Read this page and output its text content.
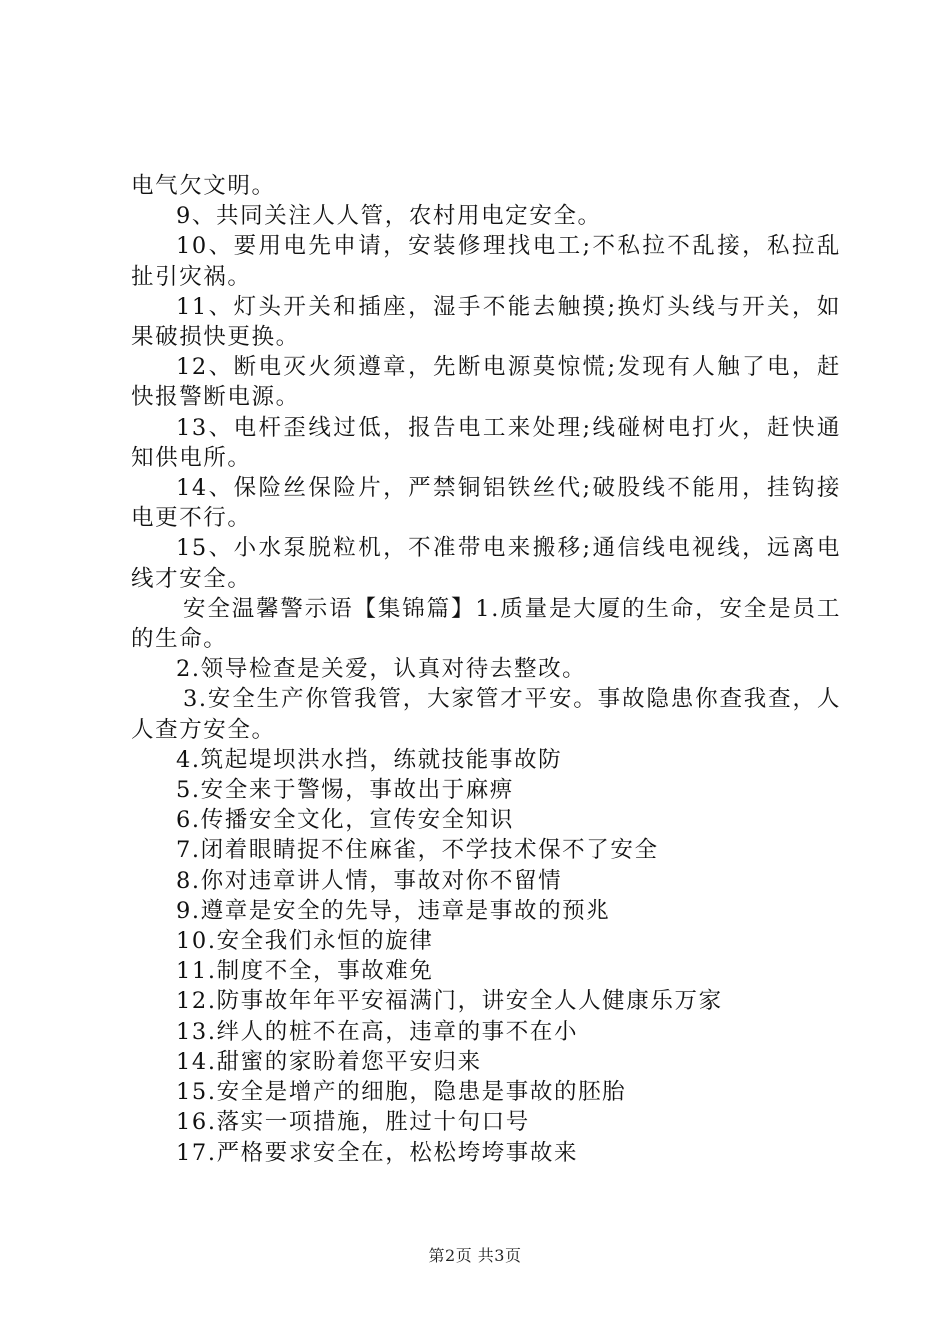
电气欠文明。

9、共同关注人人管，农村用电定安全。

10、要用电先申请，安装修理找电工;不私拉不乱接，私拉乱扯引灾祸。

11、灯头开关和插座，湿手不能去触摸;换灯头线与开关，如果破损快更换。

12、断电灭火须遵章，先断电源莫惊慌;发现有人触了电，赶快报警断电源。

13、电杆歪线过低，报告电工来处理;线碰树电打火，赶快通知供电所。

14、保险丝保险片，严禁铜铝铁丝代;破股线不能用，挂钩接电更不行。

15、小水泵脱粒机，不准带电来搬移;通信线电视线，远离电线才安全。

安全温馨警示语【集锦篇】1.质量是大厦的生命，安全是员工的生命。

2.领导检查是关爱，认真对待去整改。

3.安全生产你管我管，大家管才平安。事故隐患你查我查，人人查方安全。

4.筑起堤坝洪水挡，练就技能事故防

5.安全来于警惕，事故出于麻痹

6.传播安全文化，宣传安全知识

7.闭着眼睛捉不住麻雀，不学技术保不了安全

8.你对违章讲人情，事故对你不留情

9.遵章是安全的先导，违章是事故的预兆

10.安全我们永恒的旋律

11.制度不全，事故难免

12.防事故年年平安福满门，讲安全人人健康乐万家

13.绊人的桩不在高，违章的事不在小

14.甜蜜的家盼着您平安归来

15.安全是增产的细胞，隐患是事故的胚胎

16.落实一项措施，胜过十句口号

17.严格要求安全在，松松垮垮事故来

第2页 共3页
